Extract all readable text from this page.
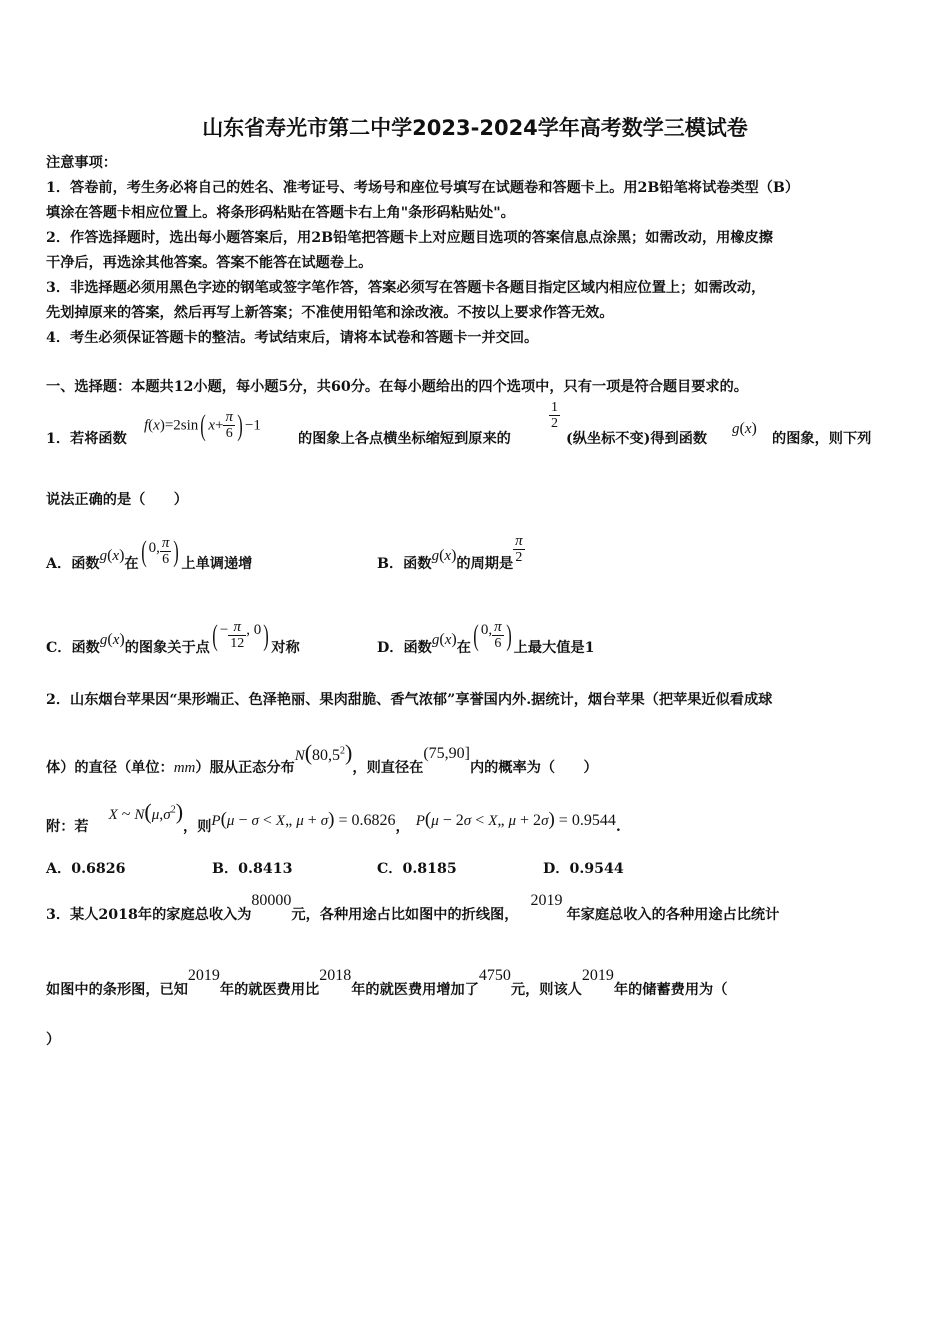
山东省寿光市第二中学2023-2024学年高考数学三模试卷
注意事项：
1．答卷前，考生务必将自己的姓名、准考证号、考场号和座位号填写在试题卷和答题卡上。用2B铅笔将试卷类型（B）
填涂在答题卡相应位置上。将条形码粘贴在答题卡右上角"条形码粘贴处"。
2．作答选择题时，选出每小题答案后，用2B铅笔把答题卡上对应题目选项的答案信息点涂黑；如需改动，用橡皮擦
干净后，再选涂其他答案。答案不能答在试题卷上。
3．非选择题必须用黑色字迹的钢笔或签字笔作答，答案必须写在答题卡各题目指定区域内相应位置上；如需改动，
先划掉原来的答案，然后再写上新答案；不准使用铅笔和涂改液。不按以上要求作答无效。
4．考生必须保证答题卡的整洁。考试结束后，请将本试卷和答题卡一并交回。
一、选择题：本题共12小题，每小题5分，共60分。在每小题给出的四个选项中，只有一项是符合题目要求的。
1．若将函数
f(x)=2sin( $x+ \frac{\pi}{6}$ ) −1
的图象上各点横坐标缩短到原来的
$\frac{1}{2}$
(纵坐标不变)得到函数
g(x)
的图象，则下列
说法正确的是（　　）
A．函数g(x)在( 0, $\frac{\pi}{6}$ ) 上单调递增	B．函数g(x)的周期是 $\frac{\pi}{2}$
C．函数g(x)的图象关于点( − $\frac{\pi}{12}$ , 0) 对称	D．函数g(x)在( 0, $\frac{\pi}{6}$ ) 上最大值是1
2．山东烟台苹果因“果形端正、色泽艳丽、果肉甜脆、香气浓郁”享誉国内外.据统计，烟台苹果（把苹果近似看成球
体）的直径（单位：mm）服从正态分布N(80,5$^2$)，则直径在(75,90]内的概率为（　　）
附：若X ~ $N(\mu,\sigma^2)$，则P(μ − σ < X„ μ + σ) = 0.6826， P(μ − 2σ < X„ μ + 2σ) = 0.9544.
A．0.6826	B．0.8413	C．0.8185	D．0.9544
3．某人2018年的家庭总收入为80000元，各种用途占比如图中的折线图，2019年家庭总收入的各种用途占比统计
如图中的条形图，已知2019年的就医费用比2018年的就医费用增加了4750元，则该人2019年的储蓄费用为（
）
